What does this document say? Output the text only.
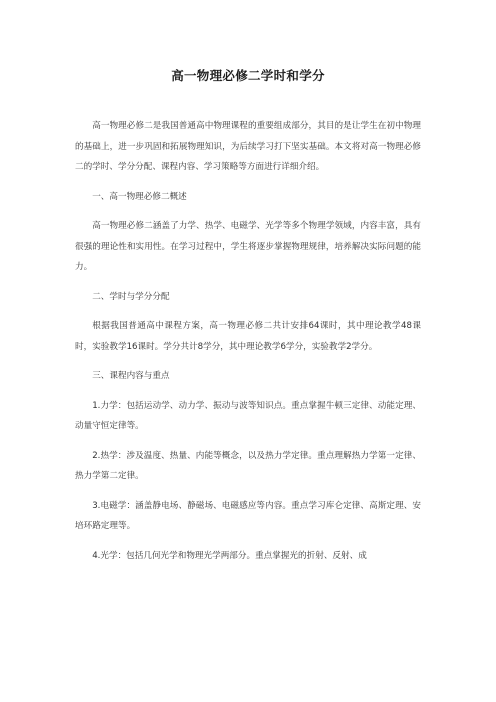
高一物理必修二学时和学分

高一物理必修二是我国普通高中物理课程的重要组成部分，其目的是让学生在初中物理的基础上，进一步巩固和拓展物理知识，为后续学习打下坚实基础。本文将对高一物理必修二的学时、学分分配、课程内容、学习策略等方面进行详细介绍。

一、高一物理必修二概述

高一物理必修二涵盖了力学、热学、电磁学、光学等多个物理学领域，内容丰富，具有很强的理论性和实用性。在学习过程中，学生将逐步掌握物理规律，培养解决实际问题的能力。

二、学时与学分分配

根据我国普通高中课程方案，高一物理必修二共计安排64课时，其中理论教学48课时，实验教学16课时。学分共计8学分，其中理论教学6学分，实验教学2学分。

三、课程内容与重点

1.力学：包括运动学、动力学、振动与波等知识点。重点掌握牛顿三定律、动能定理、动量守恒定律等。

2.热学：涉及温度、热量、内能等概念，以及热力学定律。重点理解热力学第一定律、热力学第二定律。

3.电磁学：涵盖静电场、静磁场、电磁感应等内容。重点学习库仑定律、高斯定理、安培环路定理等。

4.光学：包括几何光学和物理光学两部分。重点掌握光的折射、反射、成
